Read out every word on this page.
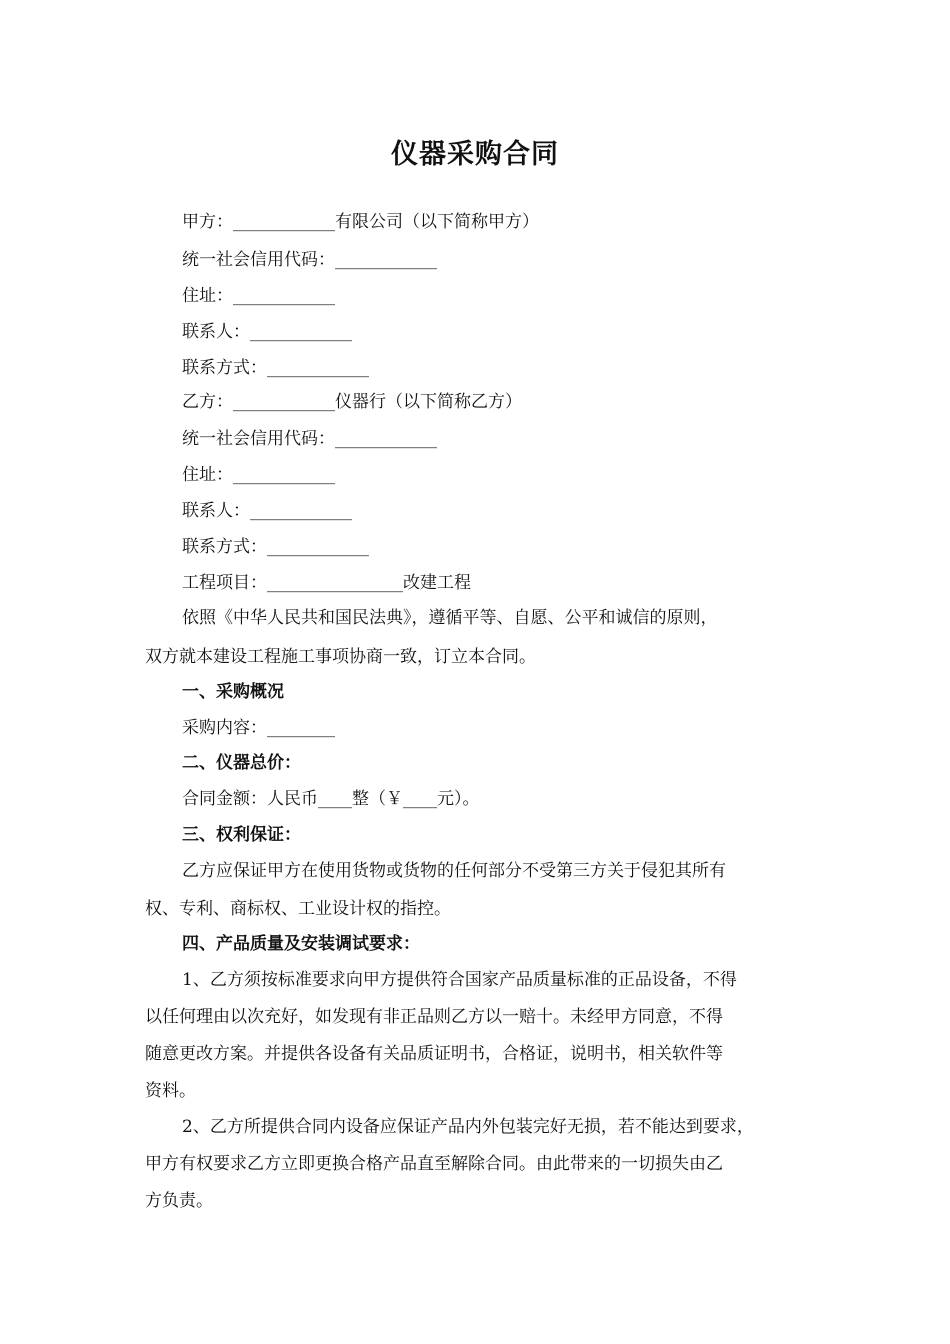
仪器采购合同
甲方：____________有限公司（以下简称甲方）
统一社会信用代码：____________
住址：____________
联系人：____________
联系方式：____________
乙方：____________仪器行（以下简称乙方）
统一社会信用代码：____________
住址：____________
联系人：____________
联系方式：____________
工程项目：________________改建工程
依照《中华人民共和国民法典》，遵循平等、自愿、公平和诚信的原则，
双方就本建设工程施工事项协商一致，订立本合同。
一、采购概况
采购内容：________
二、仪器总价：
合同金额：人民币____整（￥____元）。
三、权利保证：
乙方应保证甲方在使用货物或货物的任何部分不受第三方关于侵犯其所有
权、专利、商标权、工业设计权的指控。
四、产品质量及安装调试要求：
1、乙方须按标准要求向甲方提供符合国家产品质量标准的正品设备，不得
以任何理由以次充好，如发现有非正品则乙方以一赔十。未经甲方同意，不得
随意更改方案。并提供各设备有关品质证明书，合格证，说明书，相关软件等
资料。
2、乙方所提供合同内设备应保证产品内外包装完好无损，若不能达到要求，
甲方有权要求乙方立即更换合格产品直至解除合同。由此带来的一切损失由乙
方负责。
